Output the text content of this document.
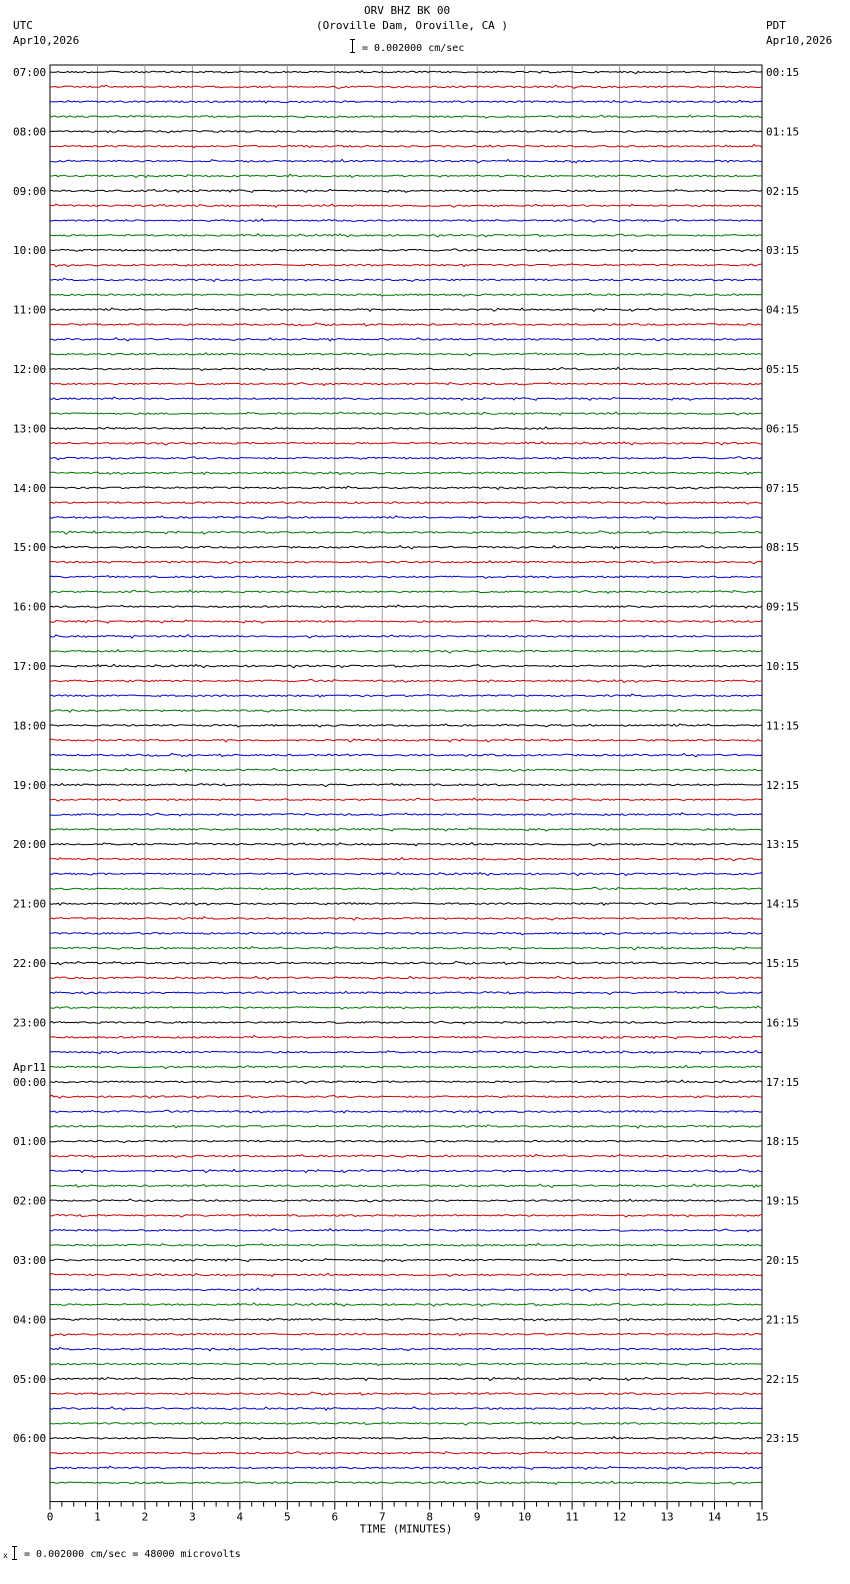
ORV BHZ BK 00
(Oroville Dam, Oroville, CA )
UTC
Apr10,2026
PDT
Apr10,2026
= 0.002000 cm/sec
07:00
08:00
09:00
10:00
11:00
12:00
13:00
14:00
15:00
16:00
17:00
18:00
19:00
20:00
21:00
22:00
23:00
00:00
01:00
02:00
03:00
04:00
05:00
06:00
Apr11
00:15
01:15
02:15
03:15
04:15
05:15
06:15
07:15
08:15
09:15
10:15
11:15
12:15
13:15
14:15
15:15
16:15
17:15
18:15
19:15
20:15
21:15
22:15
23:15
0	1	2	3	4	5	6	7	8	9	10	11	12	13	14	15
TIME (MINUTES)
x = 0.002000 cm/sec = 48000 microvolts
